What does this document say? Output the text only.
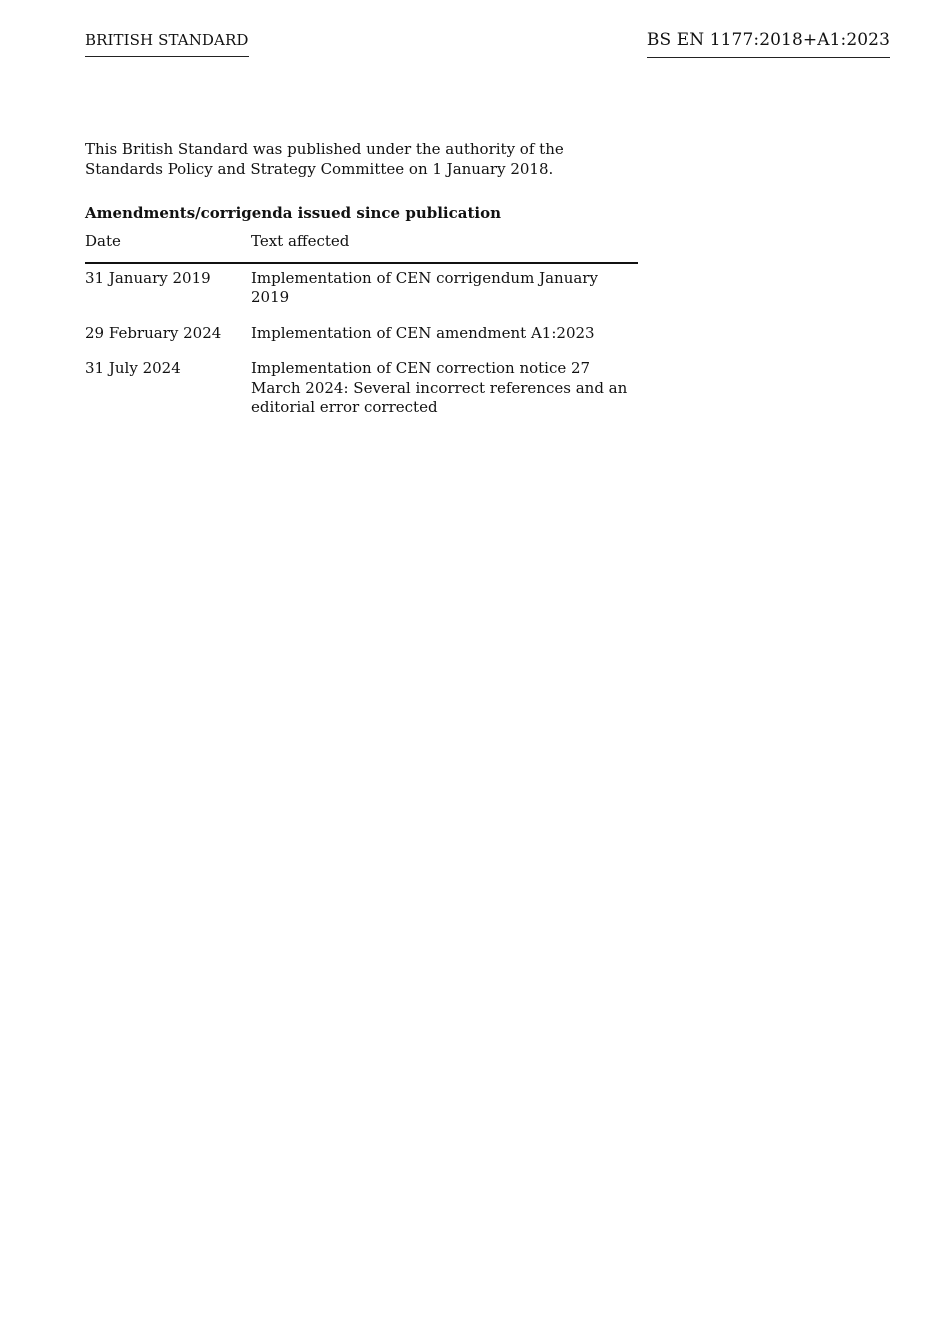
BRITISH STANDARD	BS EN 1177:2018+A1:2023

This British Standard was published under the authority of the Standards Policy and Strategy Committee on 1 January 2018.

Amendments/corrigenda issued since publication
Date	Text affected
31 January 2019	Implementation of CEN corrigendum January 2019
29 February 2024	Implementation of CEN amendment A1:2023
31 July 2024	Implementation of CEN correction notice 27 March 2024: Several incorrect references and an editorial error corrected
